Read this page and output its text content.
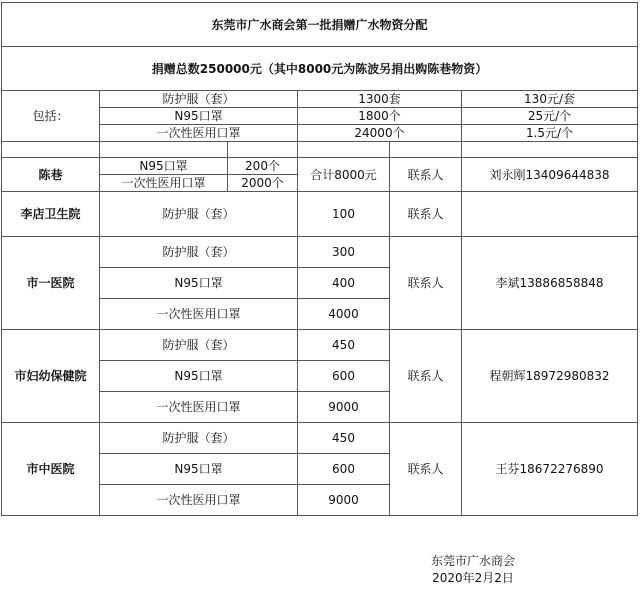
东莞市广水商会第一批捐赠广水物资分配					
捐赠总数250000元（其中8000元为陈波另捐出购陈巷物资）					
包括：	防护服（套）		1300套		130元/套
	N95口罩		1800个		25元/个
	一次性医用口罩		24000个		1.5元/个

陈巷	N95口罩	200个	合计8000元	联系人	刘永刚13409644838
	一次性医用口罩	2000个			
李店卫生院	防护服（套）		100	联系人	
市一医院	防护服（套）		300	联系人	李斌13886858848
	N95口罩		400		
	一次性医用口罩		4000		
市妇幼保健院	防护服（套）		450	联系人	程朝辉18972980832
	N95口罩		600		
	一次性医用口罩		9000		
市中医院	防护服（套）		450	联系人	王芬18672276890
	N95口罩		600		
	一次性医用口罩		9000		
东莞市广水商会
2020年2月2日
